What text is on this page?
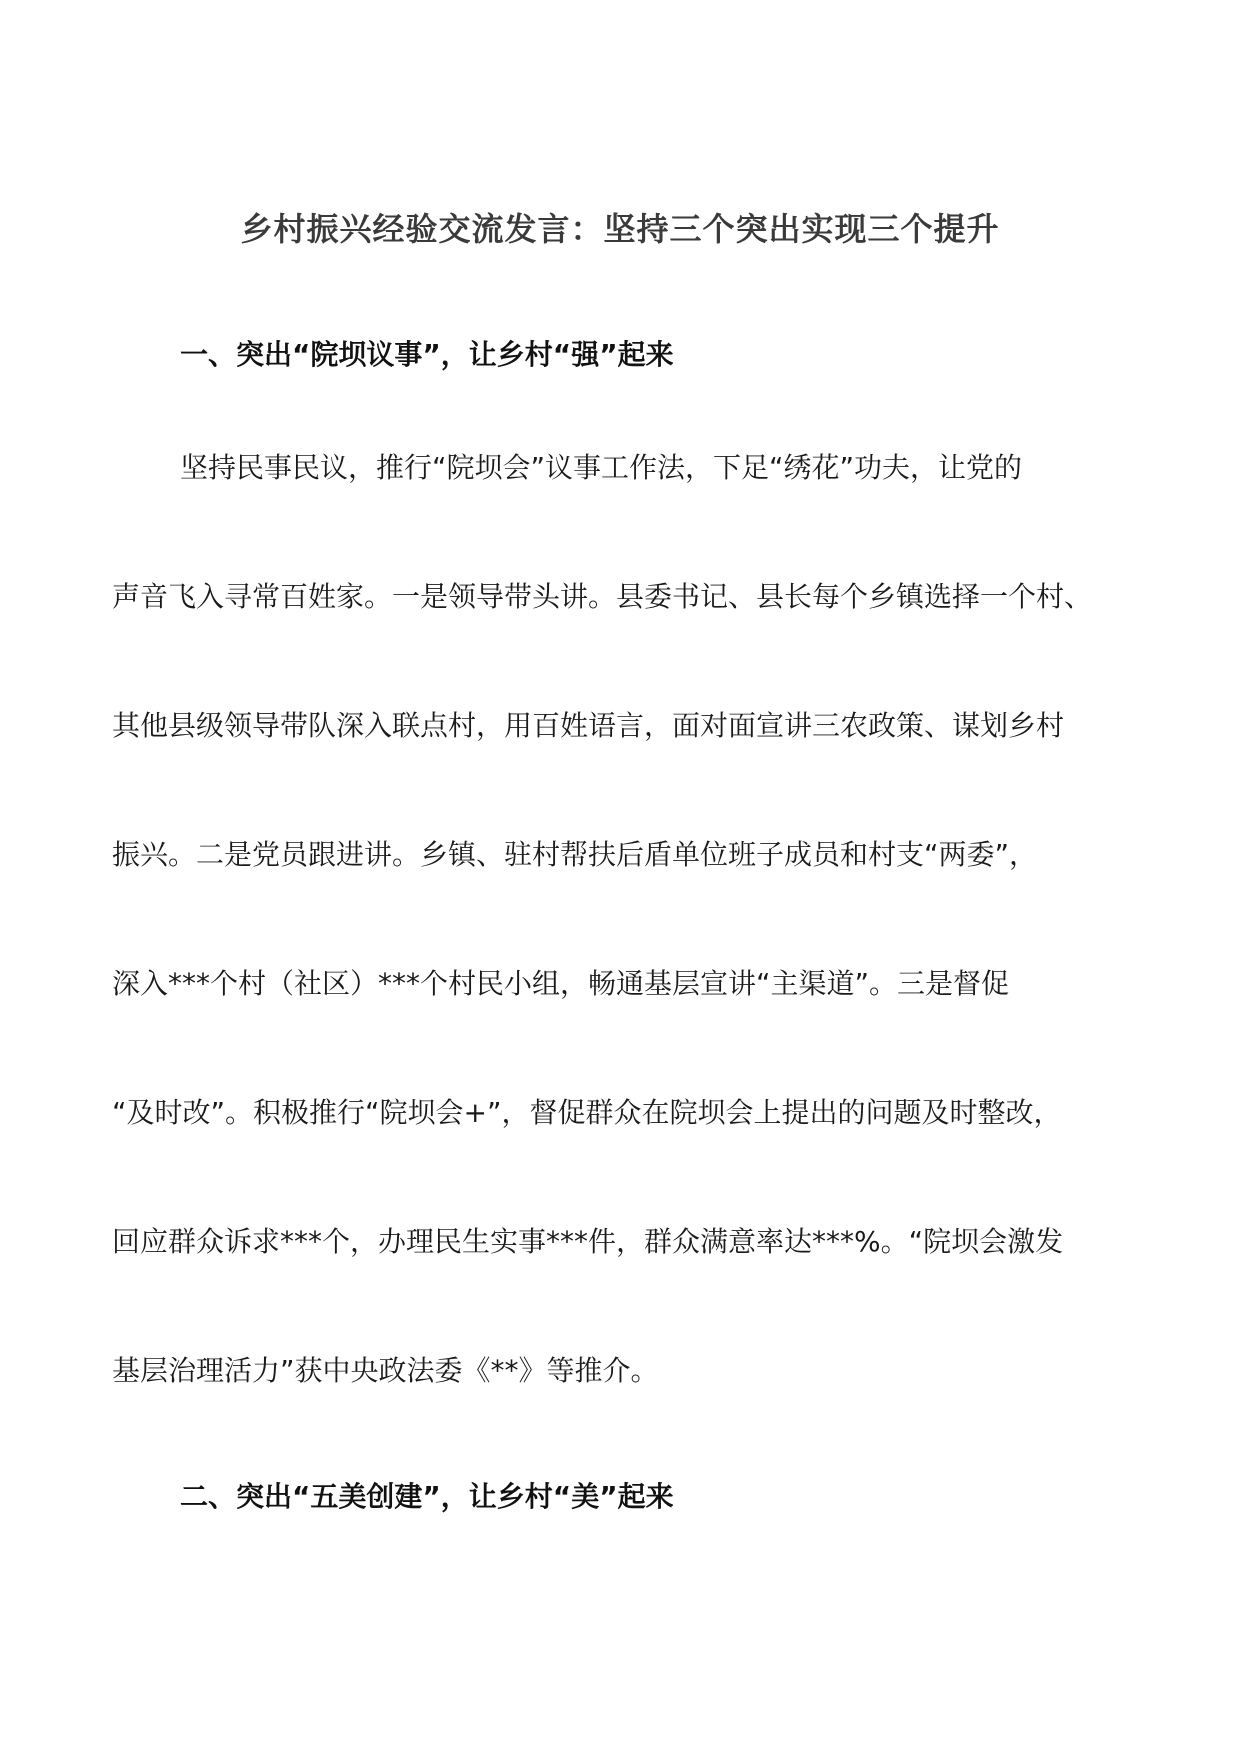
乡村振兴经验交流发言：坚持三个突出实现三个提升
一、突出“院坝议事”，让乡村“强”起来

坚持民事民议，推行“院坝会”议事工作法，下足“绣花”功夫，让党的

声音飞入寻常百姓家。一是领导带头讲。县委书记、县长每个乡镇选择一个村、

其他县级领导带队深入联点村，用百姓语言，面对面宣讲三农政策、谋划乡村

振兴。二是党员跟进讲。乡镇、驻村帮扶后盾单位班子成员和村支“两委”，

深入***个村（社区）***个村民小组，畅通基层宣讲“主渠道”。三是督促

“及时改”。积极推行“院坝会+”，督促群众在院坝会上提出的问题及时整改，

回应群众诉求***个，办理民生实事***件，群众满意率达***%。“院坝会激发

基层治理活力”获中央政法委《**》等推介。

二、突出“五美创建”，让乡村“美”起来
